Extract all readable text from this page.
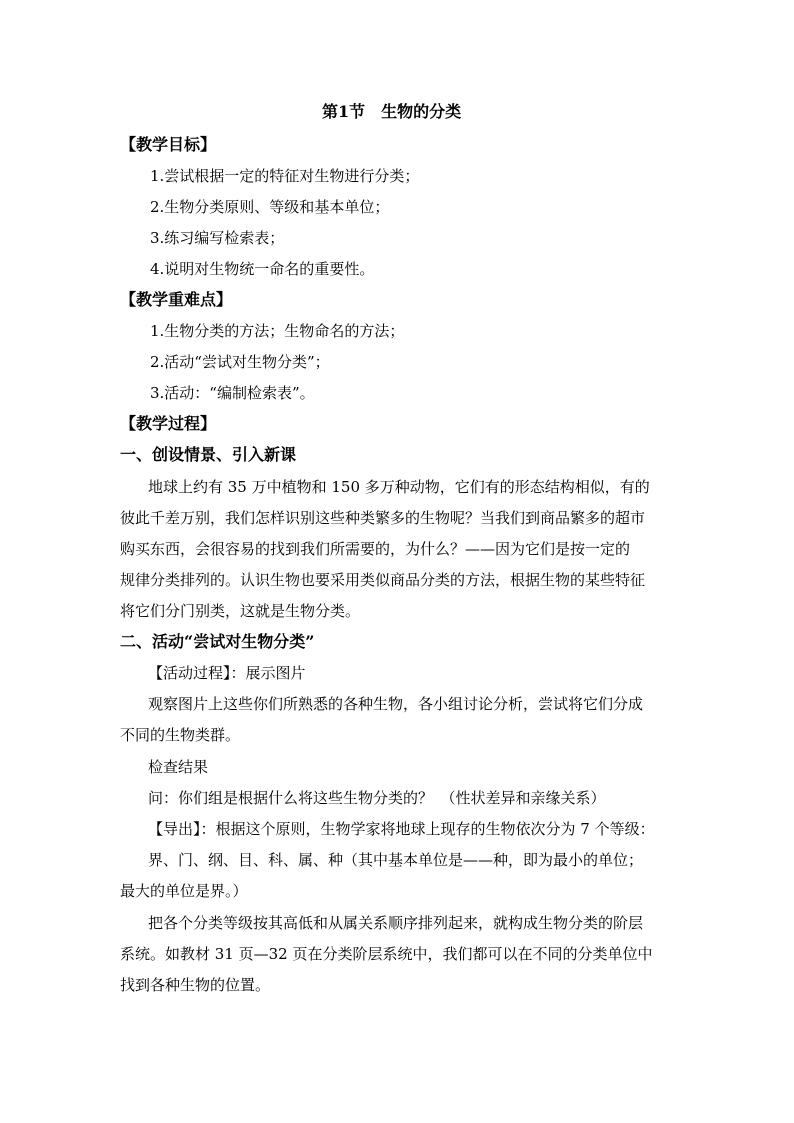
第1节　生物的分类
【教学目标】
1.尝试根据一定的特征对生物进行分类；
2.生物分类原则、等级和基本单位；
3.练习编写检索表；
4.说明对生物统一命名的重要性。
【教学重难点】
1.生物分类的方法；生物命名的方法；
2.活动“尝试对生物分类”；
3.活动：“编制检索表”。
【教学过程】
一、创设情景、引入新课
地球上约有 35 万中植物和 150 多万种动物，它们有的形态结构相似，有的
彼此千差万别，我们怎样识别这些种类繁多的生物呢？当我们到商品繁多的超市
购买东西，会很容易的找到我们所需要的，为什么？——因为它们是按一定的
规律分类排列的。认识生物也要采用类似商品分类的方法，根据生物的某些特征
将它们分门别类，这就是生物分类。
二、活动“尝试对生物分类”
【活动过程】：展示图片
观察图片上这些你们所熟悉的各种生物，各小组讨论分析，尝试将它们分成
不同的生物类群。
检查结果
问：你们组是根据什么将这些生物分类的？　（性状差异和亲缘关系）
【导出】：根据这个原则，生物学家将地球上现存的生物依次分为 7 个等级：
界、门、纲、目、科、属、种（其中基本单位是——种，即为最小的单位；
最大的单位是界。）
把各个分类等级按其高低和从属关系顺序排列起来，就构成生物分类的阶层
系统。如教材 31 页—32 页在分类阶层系统中，我们都可以在不同的分类单位中
找到各种生物的位置。
